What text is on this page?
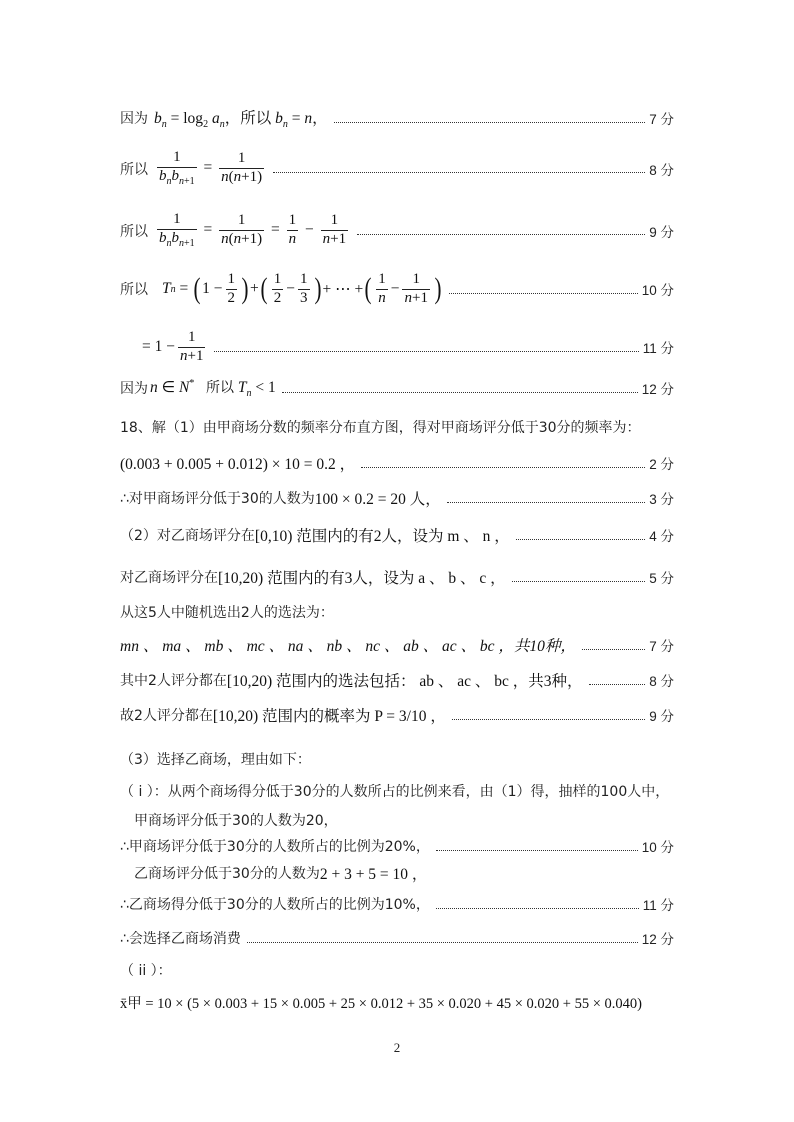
因为 $b_n = \log_2 a_n$，所以 $b_n = n$，	7 分
所以 $\frac{1}{b_nb_{n+1}} = \frac{1}{n(n+1)}$	8 分
所以 $\frac{1}{b_nb_{n+1}} = \frac{1}{n(n+1)} = \frac{1}{n} - \frac{1}{n+1}$	9 分
所以 T n = ( $1 - \frac{1}{2}$ ) + ( $\frac{1}{2} - \frac{1}{3}$ ) + ⋯ + ( $\frac{1}{n} - \frac{1}{n+1}$ )	10 分
= $1 - \frac{1}{n+1}$	11 分
因为 n ∈ N* 所以 $T_n < 1$	12 分
18、解（1）由甲商场分数的频率分布直方图，得对甲商场评分低于30分的频率为：
(0.003 + 0.005 + 0.012) × 10 = 0.2 ，	2 分
∴对甲商场评分低于30的人数为 100 × 0.2 = 20 人，	3 分
（2）对乙商场评分在 [0,10) 范围内的有2人，设为 m 、 n ，	4 分
对乙商场评分在 [10,20) 范围内的有3人，设为 a 、 b 、 c ，	5 分
从这5人中随机选出2人的选法为：
mn 、 ma 、 mb 、 mc 、 na 、 nb 、 nc 、 ab 、 ac 、 bc ，共10种，	7 分
其中2人评分都在 [10,20) 范围内的选法包括： ab 、 ac 、 bc ，共3种，	8 分
故2人评分都在 [10,20) 范围内的概率为 P = 3/10 ，	9 分
（3）选择乙商场，理由如下：
（ i ）：从两个商场得分低于30分的人数所占的比例来看，由（1）得，抽样的100人中，
甲商场评分低于30的人数为20，
∴甲商场评分低于30分的人数所占的比例为20%，	10 分
乙商场评分低于30分的人数为 2 + 3 + 5 = 10 ，
∴乙商场得分低于30分的人数所占的比例为10%，	11 分
∴会选择乙商场消费	12 分
（ ii ）：
x̄甲 = 10 × (5 × 0.003 + 15 × 0.005 + 25 × 0.012 + 35 × 0.020 + 45 × 0.020 + 55 × 0.040)
2
